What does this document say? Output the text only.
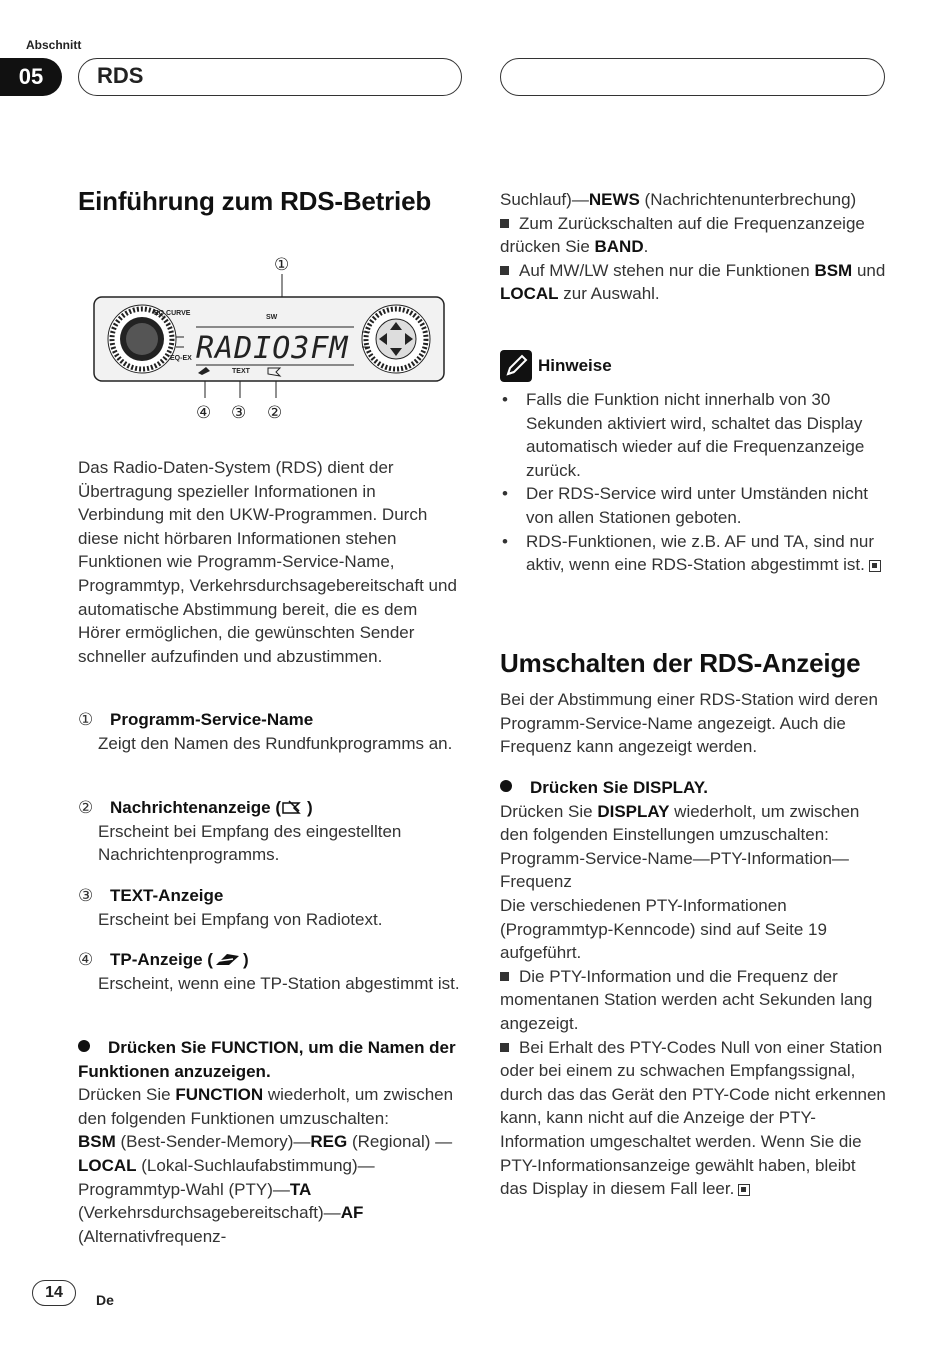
Abschnitt
05	RDS
Einführung zum RDS-Betrieb
EQ CURVE
EQ-EX
SW
RADIO3FM
TEXT
①
④ ③ ②
Das Radio-Daten-System (RDS) dient der Übertragung spezieller Informationen in Verbindung mit den UKW-Programmen. Durch diese nicht hörbaren Informationen stehen Funktionen wie Programm-Service-Name, Programmtyp, Verkehrsdurchsagebereitschaft und automatische Abstimmung bereit, die es dem Hörer ermöglichen, die gewünschten Sender schneller aufzufinden und abzustimmen.
① Programm-Service-Name
Zeigt den Namen des Rundfunkprogramms an.
② Nachrichtenanzeige ( )
Erscheint bei Empfang des eingestellten Nachrichtenprogramms.
③ TEXT-Anzeige
Erscheint bei Empfang von Radiotext.
④ TP-Anzeige ( )
Erscheint, wenn eine TP-Station abgestimmt ist.
Drücken Sie FUNCTION, um die Namen der Funktionen anzuzeigen.
Drücken Sie FUNCTION wiederholt, um zwischen den folgenden Funktionen umzuschalten:
BSM (Best-Sender-Memory)—REG (Regional) —LOCAL (Lokal-Suchlaufabstimmung)—Programmtyp-Wahl (PTY)—TA (Verkehrsdurchsagebereitschaft)—AF (Alternativfrequenz-
Suchlauf)—NEWS (Nachrichtenunterbrechung)
Zum Zurückschalten auf die Frequenzanzeige drücken Sie BAND.
Auf MW/LW stehen nur die Funktionen BSM und LOCAL zur Auswahl.
Hinweise
• Falls die Funktion nicht innerhalb von 30 Sekunden aktiviert wird, schaltet das Display automatisch wieder auf die Frequenzanzeige zurück.
• Der RDS-Service wird unter Umständen nicht von allen Stationen geboten.
• RDS-Funktionen, wie z.B. AF und TA, sind nur aktiv, wenn eine RDS-Station abgestimmt ist.
Umschalten der RDS-Anzeige
Bei der Abstimmung einer RDS-Station wird deren Programm-Service-Name angezeigt. Auch die Frequenz kann angezeigt werden.
Drücken Sie DISPLAY.
Drücken Sie DISPLAY wiederholt, um zwischen den folgenden Einstellungen umzuschalten:
Programm-Service-Name—PTY-Information—Frequenz
Die verschiedenen PTY-Informationen (Programmtyp-Kenncode) sind auf Seite 19 aufgeführt.
Die PTY-Information und die Frequenz der momentanen Station werden acht Sekunden lang angezeigt.
Bei Erhalt des PTY-Codes Null von einer Station oder bei einem zu schwachen Empfangssignal, durch das das Gerät den PTY-Code nicht erkennen kann, kann nicht auf die Anzeige der PTY-Information umgeschaltet werden. Wenn Sie die PTY-Informationsanzeige gewählt haben, bleibt das Display in diesem Fall leer.
14	De
